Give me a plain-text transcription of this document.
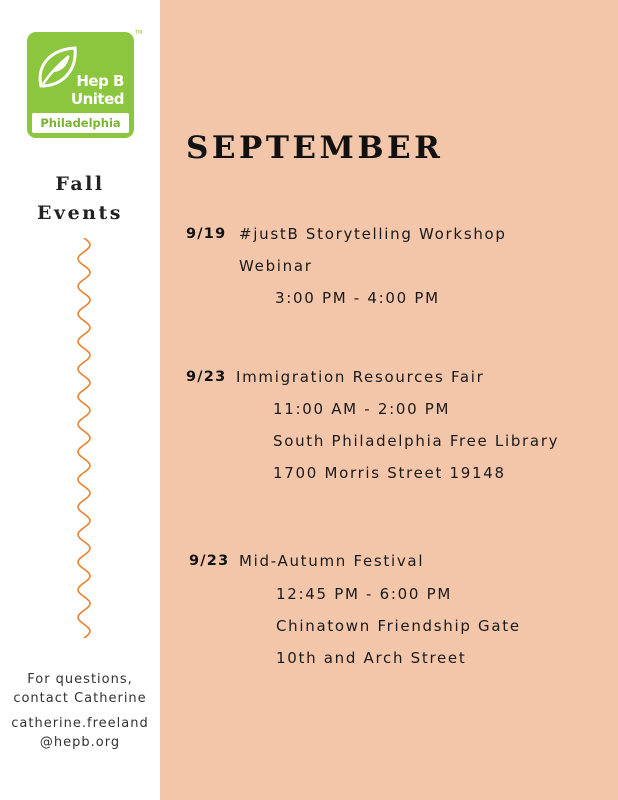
Hep B
United
Philadelphia
TM
Fall
Events
For questions,
contact Catherine
catherine.freeland
@hepb.org
SEPTEMBER
9/19 #justB Storytelling Workshop
Webinar
3:00 PM - 4:00 PM
9/23 Immigration Resources Fair
11:00 AM - 2:00 PM
South Philadelphia Free Library
1700 Morris Street 19148
9/23 Mid-Autumn Festival
12:45 PM - 6:00 PM
Chinatown Friendship Gate
10th and Arch Street
